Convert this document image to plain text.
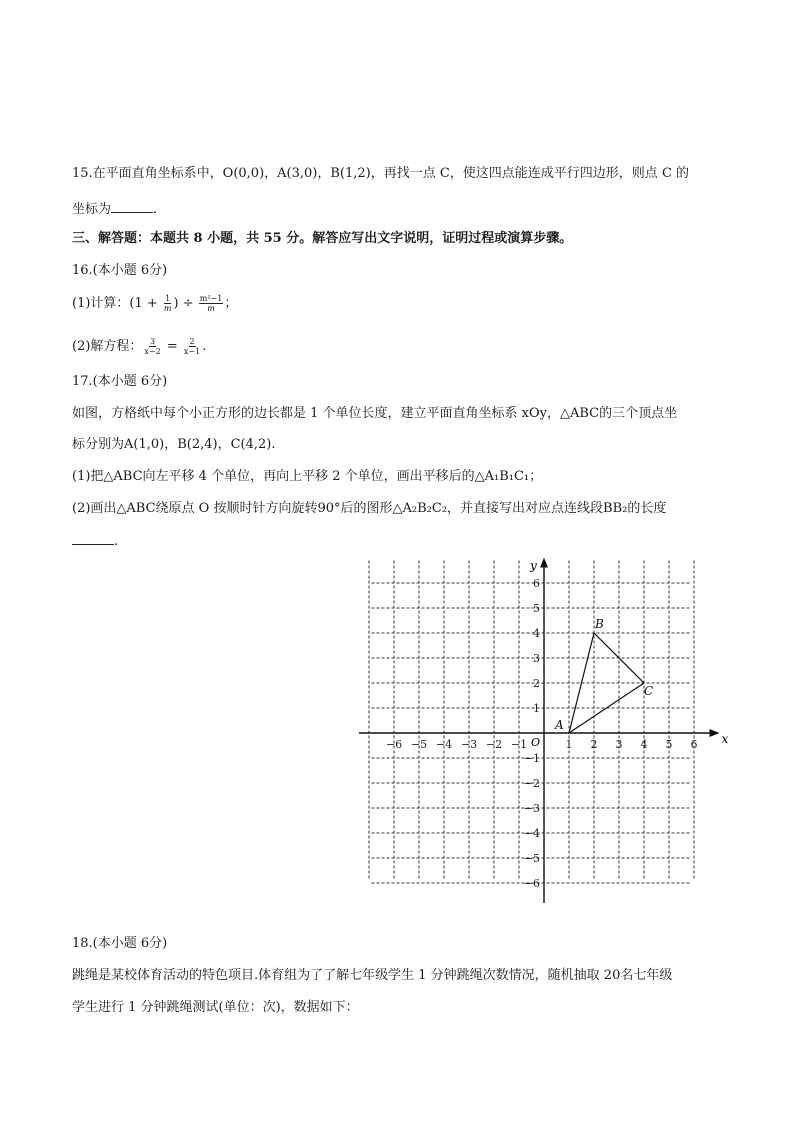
15.在平面直角坐标系中，O(0,0)，A(3,0)，B(1,2)，再找一点 C，使这四点能连成平行四边形，则点 C 的
坐标为	.
三、解答题：本题共 8 小题，共 55 分。解答应写出文字说明，证明过程或演算步骤。
16.(本小题 6分)
(1)计算：($1 + \frac{1}{m}$ ) ÷ $\frac{\text{m²−1}}{m}$ ；
(2)解方程： $\frac{3}{x-2} = \frac{2}{x-1}$ .
17.(本小题 6分)
如图，方格纸中每个小正方形的边长都是 1 个单位长度，建立平面直角坐标系 xOy，△ABC的三个顶点坐
标分别为A(1,0)，B(2,4)，C(4,2).
(1)把△ABC向左平移 4 个单位，再向上平移 2 个单位，画出平移后的△A₁B₁C₁；
(2)画出△ABC绕原点 O 按顺时针方向旋转90°后的图形△A₂B₂C₂，并直接写出对应点连线段BB₂的长度
.
−6 −5 −4 −3 −2 −1	1 2 3 4 5 6
6
5
4
3
2
1
−1
−2
−3
−4
−5
−6
A
B
C
x
y
O
18.(本小题 6分)
跳绳是某校体育活动的特色项目.体育组为了了解七年级学生 1 分钟跳绳次数情况，随机抽取 20名七年级
学生进行 1 分钟跳绳测试(单位：次)，数据如下：
